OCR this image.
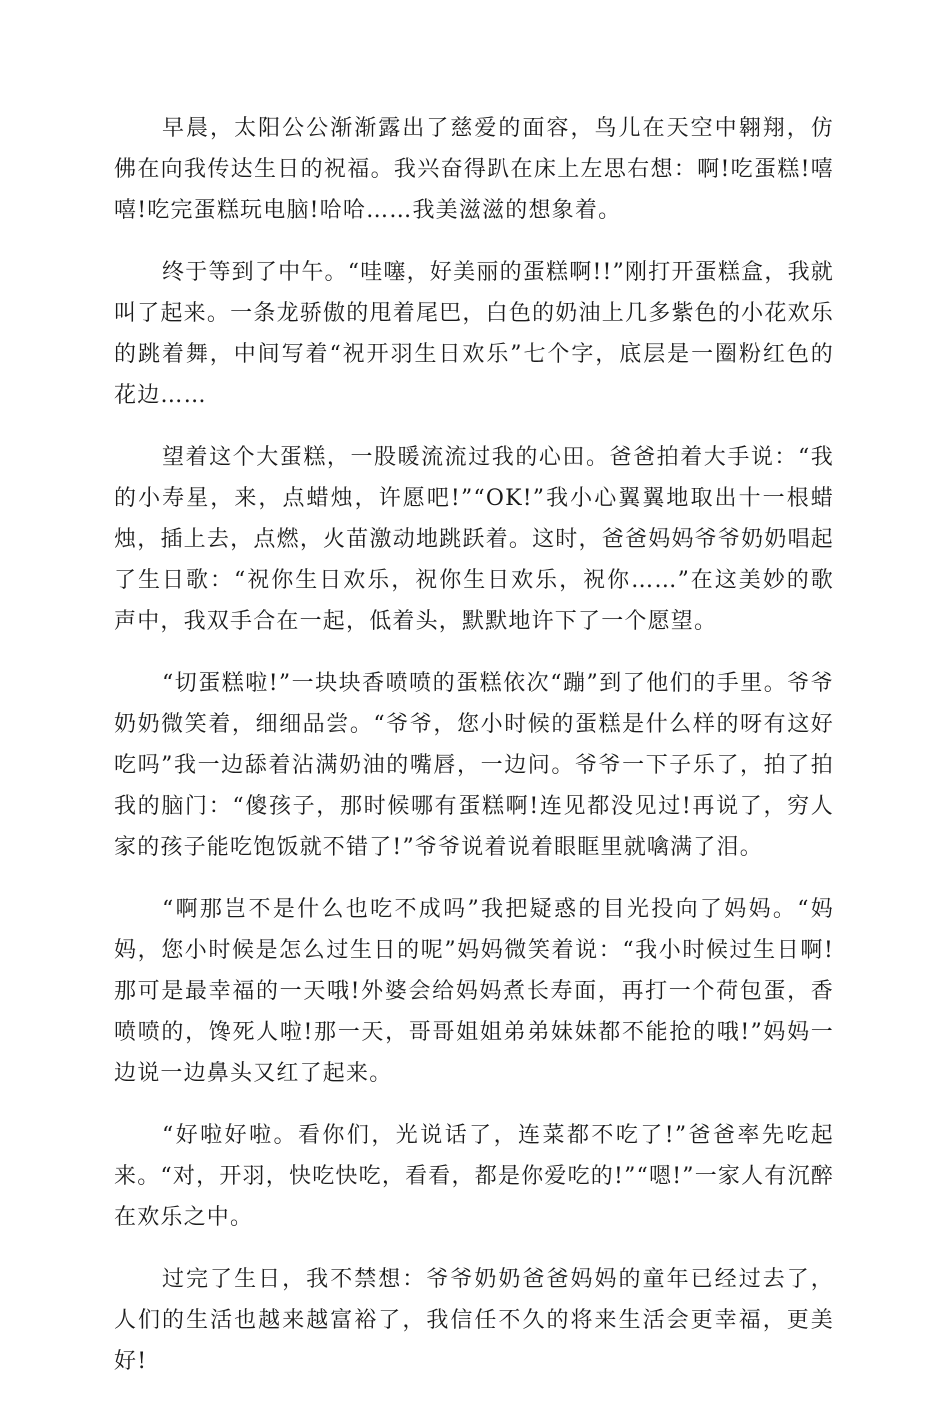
早晨，太阳公公渐渐露出了慈爱的面容，鸟儿在天空中翱翔，仿佛在向我传达生日的祝福。我兴奋得趴在床上左思右想：啊!吃蛋糕!嘻嘻!吃完蛋糕玩电脑!哈哈……我美滋滋的想象着。

终于等到了中午。“哇噻，好美丽的蛋糕啊!!”刚打开蛋糕盒，我就叫了起来。一条龙骄傲的甩着尾巴，白色的奶油上几多紫色的小花欢乐的跳着舞，中间写着“祝开羽生日欢乐”七个字，底层是一圈粉红色的花边……

望着这个大蛋糕，一股暖流流过我的心田。爸爸拍着大手说：“我的小寿星，来，点蜡烛，许愿吧!”“OK!”我小心翼翼地取出十一根蜡烛，插上去，点燃，火苗激动地跳跃着。这时，爸爸妈妈爷爷奶奶唱起了生日歌：“祝你生日欢乐，祝你生日欢乐，祝你……”在这美妙的歌声中，我双手合在一起，低着头，默默地许下了一个愿望。

“切蛋糕啦!”一块块香喷喷的蛋糕依次“蹦”到了他们的手里。爷爷奶奶微笑着，细细品尝。“爷爷，您小时候的蛋糕是什么样的呀有这好吃吗”我一边舔着沾满奶油的嘴唇，一边问。爷爷一下子乐了，拍了拍我的脑门：“傻孩子，那时候哪有蛋糕啊!连见都没见过!再说了，穷人家的孩子能吃饱饭就不错了!”爷爷说着说着眼眶里就噙满了泪。

“啊那岂不是什么也吃不成吗”我把疑惑的目光投向了妈妈。“妈妈，您小时候是怎么过生日的呢”妈妈微笑着说：“我小时候过生日啊!那可是最幸福的一天哦!外婆会给妈妈煮长寿面，再打一个荷包蛋，香喷喷的，馋死人啦!那一天，哥哥姐姐弟弟妹妹都不能抢的哦!”妈妈一边说一边鼻头又红了起来。

“好啦好啦。看你们，光说话了，连菜都不吃了!”爸爸率先吃起来。“对，开羽，快吃快吃，看看，都是你爱吃的!”“嗯!”一家人有沉醉在欢乐之中。

过完了生日，我不禁想：爷爷奶奶爸爸妈妈的童年已经过去了，人们的生活也越来越富裕了，我信任不久的将来生活会更幸福，更美好!
